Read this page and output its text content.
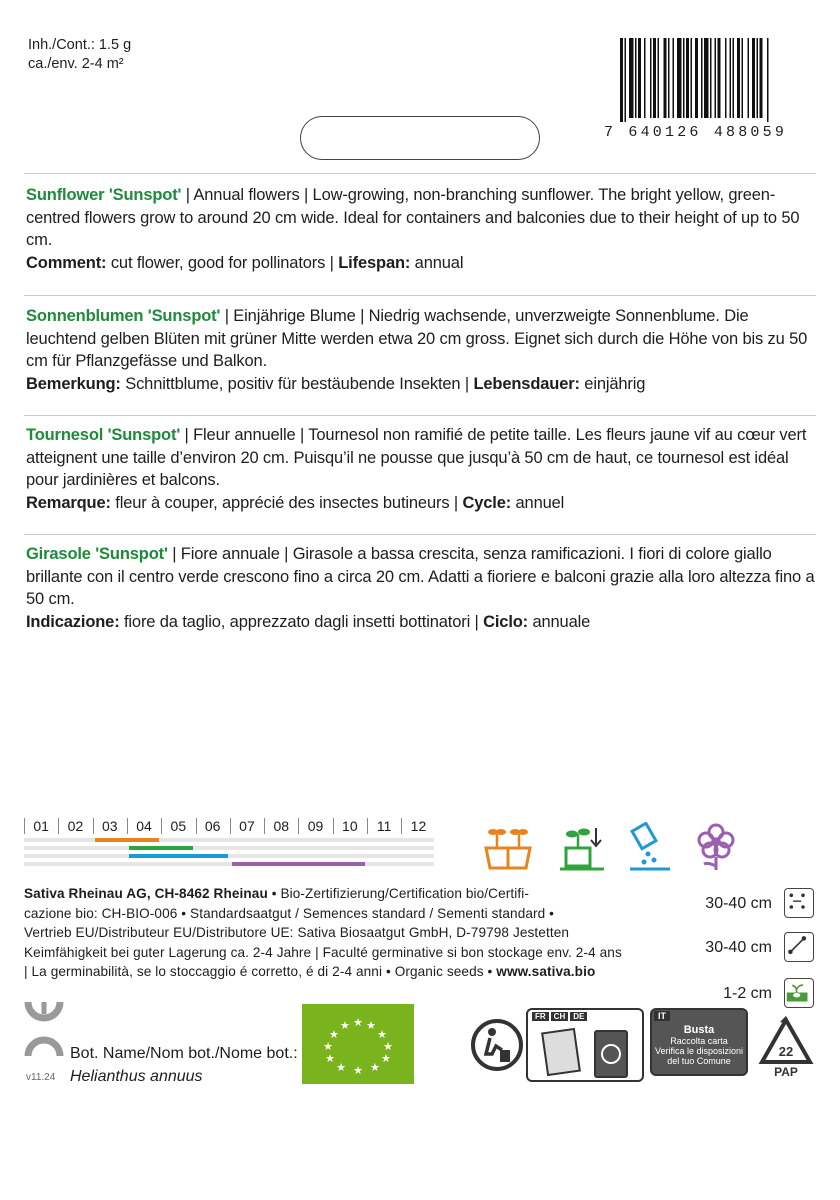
Inh./Cont.: 1.5 g
ca./env. 2-4 m²
7 640126 488059

Sunflower 'Sunspot' | Annual flowers | Low-growing, non-branching sunflower. The bright yellow, green-centred flowers grow to around 20 cm wide. Ideal for containers and balconies due to their height of up to 50 cm.

Comment: cut flower, good for pollinators | Lifespan: annual

Sonnenblumen 'Sunspot' | Einjährige Blume | Niedrig wachsende, unverzweigte Sonnenblume. Die leuchtend gelben Blüten mit grüner Mitte werden etwa 20 cm gross. Eignet sich durch die Höhe von bis zu 50 cm für Pflanzgefässe und Balkon.

Bemerkung: Schnittblume, positiv für bestäubende Insekten | Lebensdauer: einjährig

Tournesol 'Sunspot' | Fleur annuelle | Tournesol non ramifié de petite taille. Les fleurs jaune vif au cœur vert atteignent une taille d’environ 20 cm. Puisqu’il ne pousse que jusqu’à 50 cm de haut, ce tournesol est idéal pour jardinières et balcons.

Remarque: fleur à couper, apprécié des insectes butineurs | Cycle: annuel

Girasole 'Sunspot' | Fiore annuale | Girasole a bassa crescita, senza ramificazioni. I fiori di colore giallo brillante con il centro verde crescono fino a circa 20 cm. Adatti a fioriere e balconi grazie alla loro altezza fino a 50 cm.

Indicazione: fiore da taglio, apprezzato dagli insetti bottinatori | Ciclo: annuale

01	02	03	04	05	06	07	08	09	10	11	12
Sativa Rheinau AG, CH-8462 Rheinau • Bio-Zertifizierung/Certification bio/Certifi-
cazione bio: CH-BIO-006 • Standardsaatgut / Semences standard / Sementi standard •
Vertrieb EU/Distributeur EU/Distributore UE: Sativa Biosaatgut GmbH, D-79798 Jestetten
Keimfähigkeit bei guter Lagerung ca. 2-4 Jahre | Faculté germinative si bon stockage env. 2-4 ans
| La germinabilità, se lo stoccaggio é corretto, é di 2-4 anni • Organic seeds • www.sativa.bio
30-40 cm
30-40 cm
1-2 cm
Bot. Name/Nom bot./Nome bot.:
Helianthus annuus
v11.24
★ ★
★
★
★
★
★
★
★
★
★
★
FR	CH	DE	IT
Busta
Raccolta carta
Verifica le disposizioni
del tuo Comune
22
PAP
